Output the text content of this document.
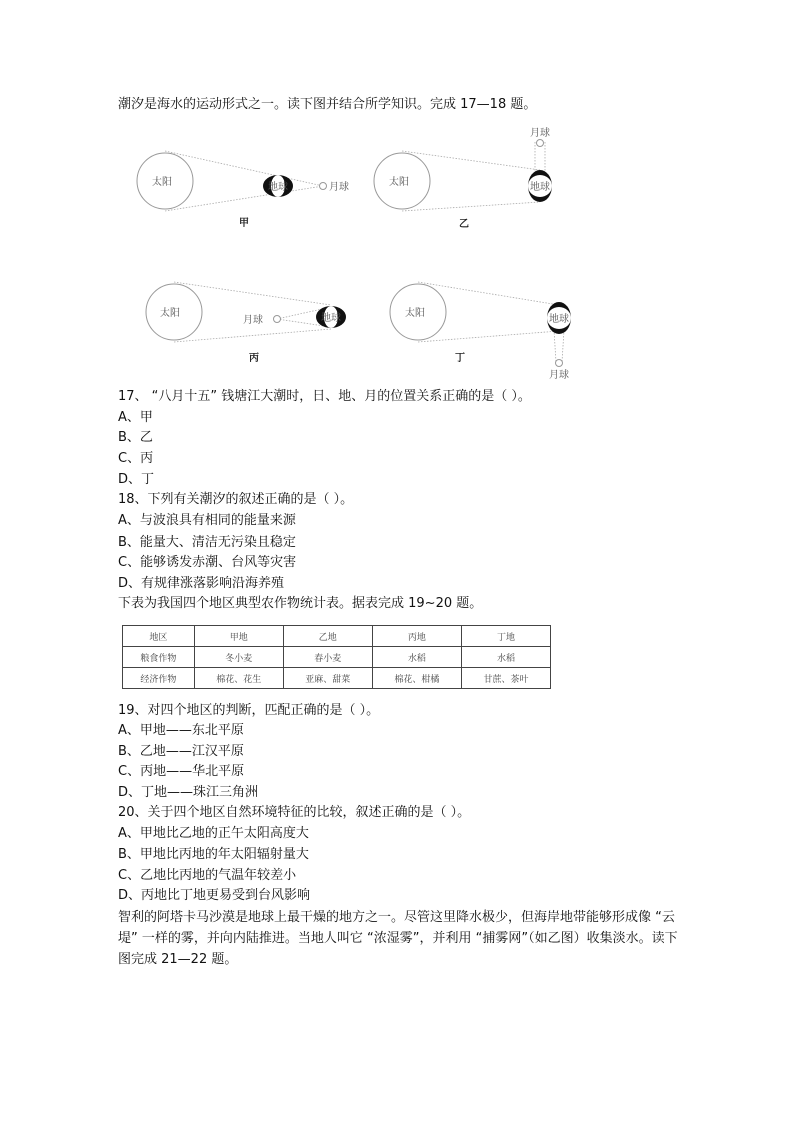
潮汐是海水的运动形式之一。读下图并结合所学知识。完成 17—18 题。
太阳	太阳
太阳	太阳
月球
月球
月球
月球
地球
地球
地球
地球
甲	乙
丙	丁
17、 “八月十五” 钱塘江大潮时，日、地、月的位置关系正确的是（ ）。
A、甲
B、乙
C、丙
D、丁
18、下列有关潮汐的叙述正确的是（ ）。
A、与波浪具有相同的能量来源
B、能量大、清洁无污染且稳定
C、能够诱发赤潮、台风等灾害
D、有规律涨落影响沿海养殖
下表为我国四个地区典型农作物统计表。据表完成 19~20 题。
地区	甲地	乙地	丙地	丁地
粮食作物	冬小麦	春小麦	水稻	水稻
经济作物	棉花、花生	亚麻、甜菜	棉花、柑橘	甘蔗、茶叶
19、对四个地区的判断，匹配正确的是（ ）。
A、甲地——东北平原
B、乙地——江汉平原
C、丙地——华北平原
D、丁地——珠江三角洲
20、关于四个地区自然环境特征的比较，叙述正确的是（ ）。
A、甲地比乙地的正午太阳高度大
B、甲地比丙地的年太阳辐射量大
C、乙地比丙地的气温年较差小
D、丙地比丁地更易受到台风影响
智利的阿塔卡马沙漠是地球上最干燥的地方之一。尽管这里降水极少，但海岸地带能够形成像 “云堤” 一样的雾，并向内陆推进。当地人叫它 “浓湿雾”，并利用 “捕雾网”（如乙图）收集淡水。读下图完成 21—22 题。
